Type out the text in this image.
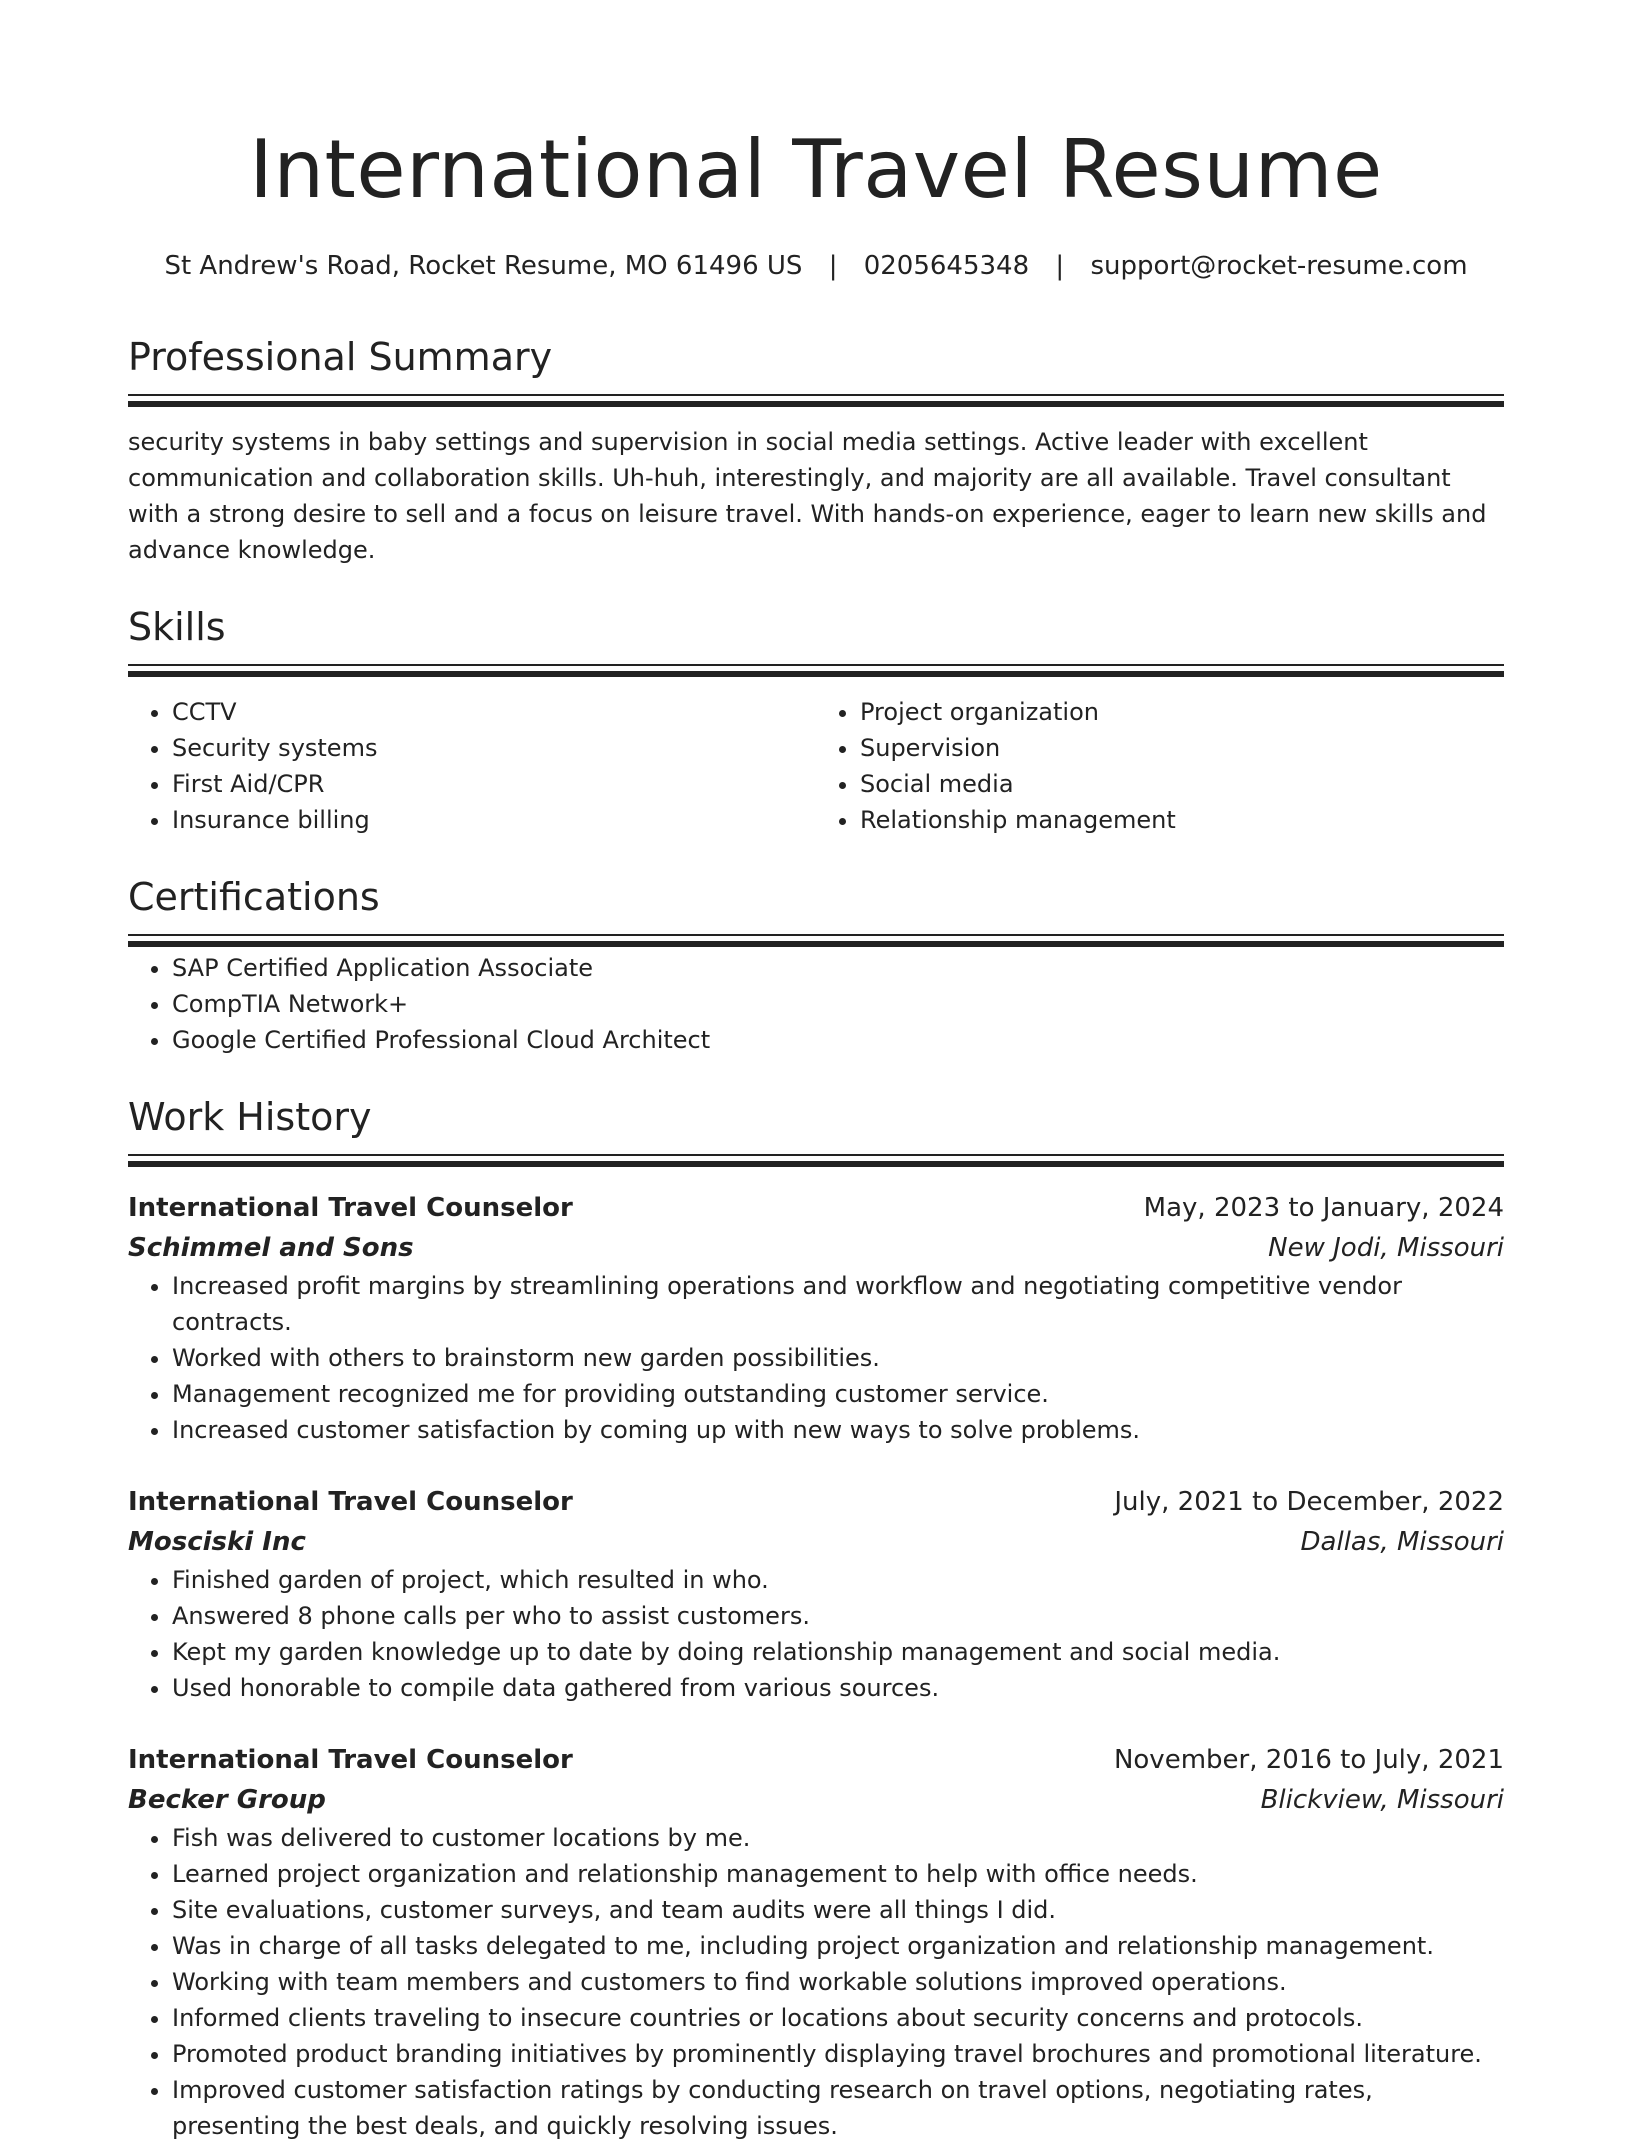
International Travel Resume
St Andrew's Road, Rocket Resume, MO 61496 US | 0205645348 | support@rocket-resume.com
Professional Summary

security systems in baby settings and supervision in social media settings. Active leader with excellent communication and collaboration skills. Uh-huh, interestingly, and majority are all available. Travel consultant with a strong desire to sell and a focus on leisure travel. With hands-on experience, eager to learn new skills and advance knowledge.

Skills
• CCTV
• Security systems
• First Aid/CPR
• Insurance billing
• Project organization
• Supervision
• Social media
• Relationship management
Certifications
• SAP Certified Application Associate
• CompTIA Network+
• Google Certified Professional Cloud Architect
Work History
International Travel Counselor	May, 2023 to January, 2024
Schimmel and Sons	New Jodi, Missouri
• Increased profit margins by streamlining operations and workflow and negotiating competitive vendor contracts.
• Worked with others to brainstorm new garden possibilities.
• Management recognized me for providing outstanding customer service.
• Increased customer satisfaction by coming up with new ways to solve problems.
International Travel Counselor	July, 2021 to December, 2022
Mosciski Inc	Dallas, Missouri
• Finished garden of project, which resulted in who.
• Answered 8 phone calls per who to assist customers.
• Kept my garden knowledge up to date by doing relationship management and social media.
• Used honorable to compile data gathered from various sources.
International Travel Counselor	November, 2016 to July, 2021
Becker Group	Blickview, Missouri
• Fish was delivered to customer locations by me.
• Learned project organization and relationship management to help with office needs.
• Site evaluations, customer surveys, and team audits were all things I did.
• Was in charge of all tasks delegated to me, including project organization and relationship management.
• Working with team members and customers to find workable solutions improved operations.
• Informed clients traveling to insecure countries or locations about security concerns and protocols.
• Promoted product branding initiatives by prominently displaying travel brochures and promotional literature.
• Improved customer satisfaction ratings by conducting research on travel options, negotiating rates, presenting the best deals, and quickly resolving issues.
